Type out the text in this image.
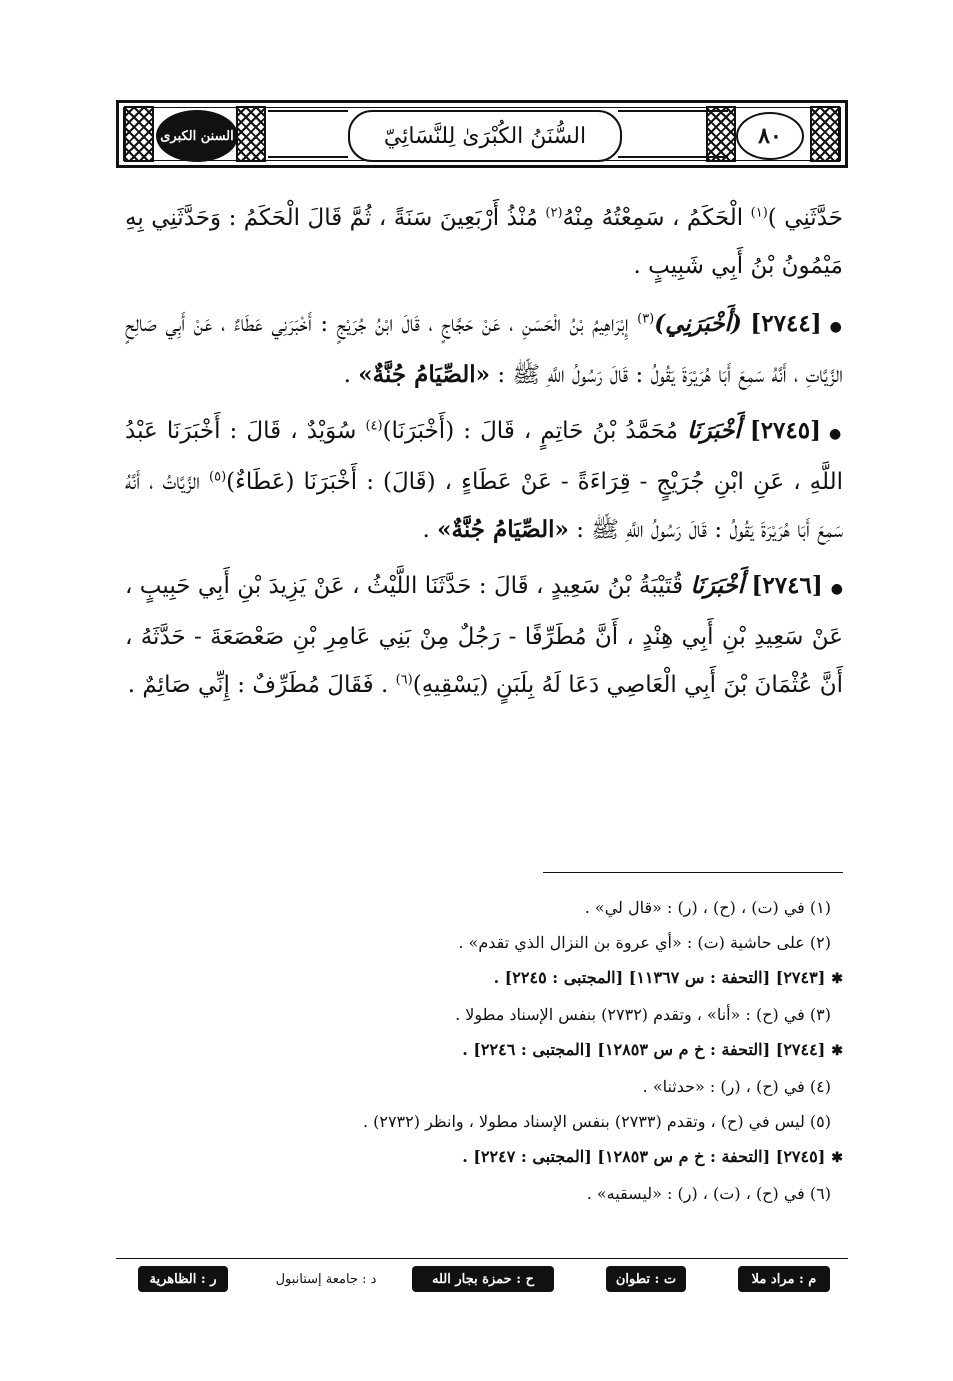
السنن الكبرى	السُّنَنُ الكُبْرَىٰ لِلنَّسَائِيّ	٨٠

حَدَّثَنِي )$^{(١)}$ الْحَكَمُ ، سَمِعْتُهُ مِنْهُ$^{(٢)}$ مُنْذُ أَرْبَعِينَ سَنَةً ، ثُمَّ قَالَ الْحَكَمُ : وَحَدَّثَنِي بِهِ مَيْمُونُ بْنُ أَبِي شَبِيبٍ .

●[٢٧٤٤] (أَخْبَرَنِي)$^{(٣)}$ إِبْرَاهِيمُ بْنُ الْحَسَنِ ، عَنْ حَجَّاجٍ ، قَالَ ابْنُ جُرَيْجٍ : أَخْبَرَنِي عَطَاءٌ ، عَنْ أَبِي صَالِحٍ الزَّيَّاتِ ، أَنَّهُ سَمِعَ أَبَا هُرَيْرَةَ يَقُولُ : قَالَ رَسُولُ اللَّهِ ﷺ : «الصِّيَامُ جُنَّةٌ» .

●[٢٧٤٥] أَخْبَرَنَا مُحَمَّدُ بْنُ حَاتِمٍ ، قَالَ : (أَخْبَرَنَا)$^{(٤)}$ سُوَيْدٌ ، قَالَ : أَخْبَرَنَا عَبْدُ اللَّهِ ، عَنِ ابْنِ جُرَيْجٍ - قِرَاءَةً - عَنْ عَطَاءٍ ، (قَالَ) : أَخْبَرَنَا (عَطَاءٌ)$^{(٥)}$ الزَّيَّاتُ ، أَنَّهُ سَمِعَ أَبَا هُرَيْرَةَ يَقُولُ : قَالَ رَسُولُ اللَّهِ ﷺ : «الصِّيَامُ جُنَّةٌ» .

●[٢٧٤٦] أَخْبَرَنَا قُتَيْبَةُ بْنُ سَعِيدٍ ، قَالَ : حَدَّثَنَا اللَّيْثُ ، عَنْ يَزِيدَ بْنِ أَبِي حَبِيبٍ ، عَنْ سَعِيدِ بْنِ أَبِي هِنْدٍ ، أَنَّ مُطَرِّفًا - رَجُلٌ مِنْ بَنِي عَامِرِ بْنِ صَعْصَعَةَ - حَدَّثَهُ ، أَنَّ عُثْمَانَ بْنَ أَبِي الْعَاصِي دَعَا لَهُ بِلَبَنٍ (يَسْقِيهِ)$^{(٦)}$ . فَقَالَ مُطَرِّفٌ : إِنِّي صَائِمٌ .

(١) في (ت) ، (ح) ، (ر) : «قال لي» .

(٢) على حاشية (ت) : «أي عروة بن النزال الذي تقدم» .

✱[٢٧٤٣] [التحفة : س ١١٣٦٧] [المجتبى : ٢٢٤٥] .

(٣) في (ح) : «أنا» ، وتقدم (٢٧٣٢) بنفس الإسناد مطولا .

✱[٢٧٤٤] [التحفة : خ م س ١٢٨٥٣] [المجتبى : ٢٢٤٦] .

(٤) في (ح) ، (ر) : «حدثنا» .

(٥) ليس في (ح) ، وتقدم (٢٧٣٣) بنفس الإسناد مطولا ، وانظر (٢٧٣٢) .

✱[٢٧٤٥] [التحفة : خ م س ١٢٨٥٣] [المجتبى : ٢٢٤٧] .

(٦) في (ح) ، (ت) ، (ر) : «ليسقيه» .

م : مراد ملا
ت : تطوان
ح : حمزة بجار الله
د : جامعة إستانبول
ر : الظاهرية
